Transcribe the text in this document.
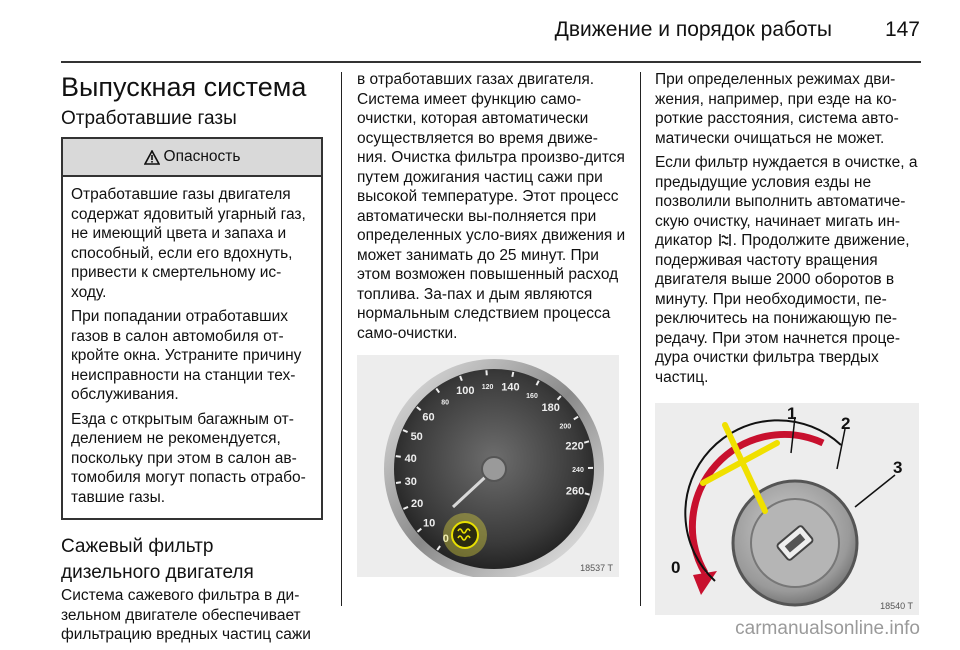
Движение и порядок работы	147
Выпускная система
Отработавшие газы
Опасность

Отработавшие газы двигателя содержат ядовитый угарный газ, не имеющий цвета и запаха и способный, если его вдохнуть, привести к смертельному ис-ходу.

При попадании отработавших газов в салон автомобиля от-кройте окна. Устраните причину неисправности на станции тех-обслуживания.

Езда с открытым багажным от-делением не рекомендуется, поскольку при этом в салон ав-томобиля могут попасть отрабо-тавшие газы.

Сажевый фильтр
дизельного двигателя

Система сажевого фильтра в ди-зельном двигателе обеспечивает фильтрацию вредных частиц сажи

в отработавших газах двигателя. Система имеет функцию само-очистки, которая автоматически осуществляется во время движе-ния. Очистка фильтра произво-дится путем дожигания частиц сажи при высокой температуре. Этот процесс автоматически вы-полняется при определенных усло-виях движения и может занимать до 25 минут. При этом возможен повышенный расход топлива. За-пах и дым являются нормальным следствием процесса само-очистки.

0
10
20
30
40
50
60
80
100 120 140
160
180
200
220
240
260
18537 T

При определенных режимах дви-жения, например, при езде на ко-роткие расстояния, система авто-матически очищаться не может.

Если фильтр нуждается в очистке, а предыдущие условия езды не позволили выполнить автоматиче-скую очистку, начинает мигать ин-дикатор . Продолжите движение, подерживая частоту вращения двигателя выше 2000 оборотов в минуту. При необходимости, пе-реключитесь на понижающую пе-редачу. При этом начнется проце-дура очистки фильтра твердых частиц.

1
2
3
0
18540 T
carmanualsonline.info
